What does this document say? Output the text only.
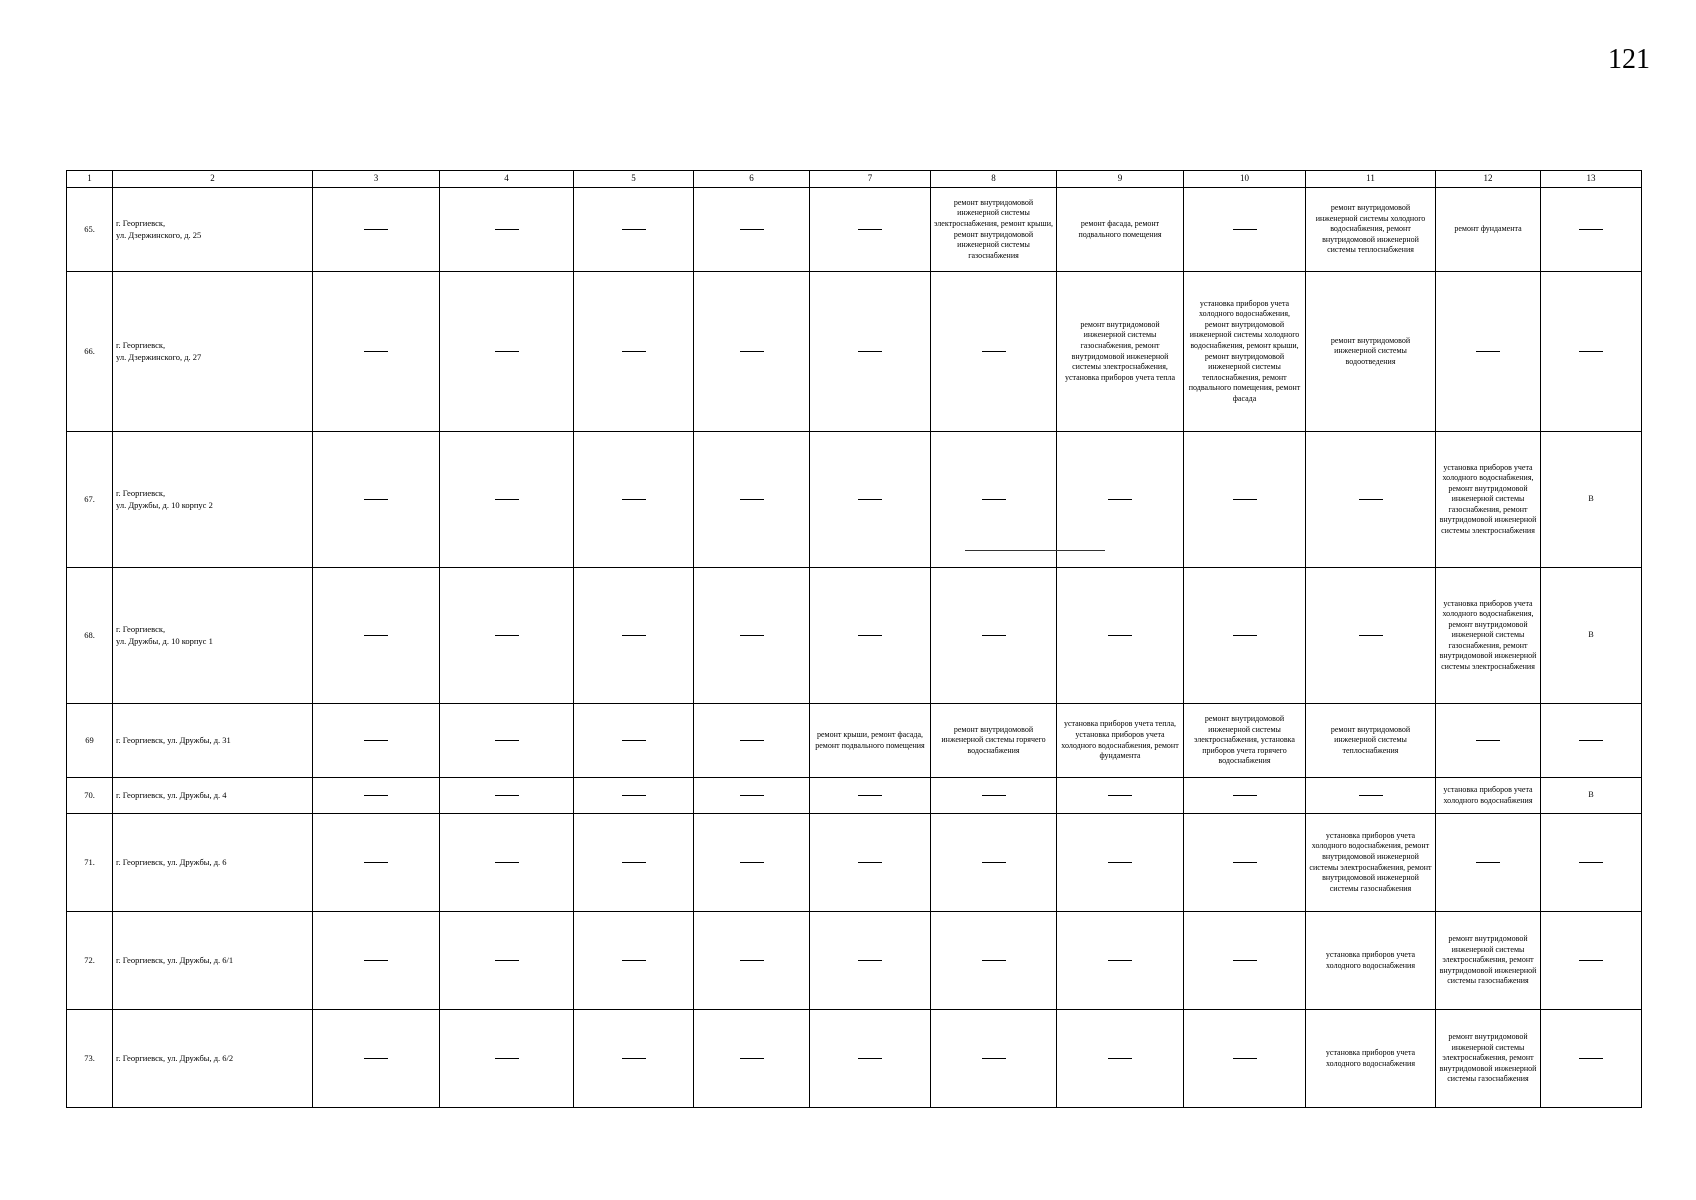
121
1	2	3	4	5	6	7	8	9	10	11	12	13
65.	г. Георгиевск,
ул. Дзержинского, д. 25						ремонт внутридомовой инженерной системы электроснабжения, ремонт крыши, ремонт внутридомовой инженерной системы газоснабжения	ремонт фасада, ремонт подвального помещения		ремонт внутридомовой инженерной системы холодного водоснабжения, ремонт внутридомовой инженерной системы теплоснабжения	ремонт фундамента	
66.	г. Георгиевск,
ул. Дзержинского, д. 27							ремонт внутридомовой инженерной системы газоснабжения, ремонт внутридомовой инженерной системы электроснабжения, установка приборов учета тепла	установка приборов учета холодного водоснабжения, ремонт внутридомовой инженерной системы холодного водоснабжения, ремонт крыши, ремонт внутридомовой инженерной системы теплоснабжения, ремонт подвального помещения, ремонт фасада	ремонт внутридомовой инженерной системы водоотведения		
67.	г. Георгиевск,
ул. Дружбы, д. 10 корпус 2										установка приборов учета холодного водоснабжения, ремонт внутридомовой инженерной системы газоснабжения, ремонт внутридомовой инженерной системы электроснабжения	В
68.	г. Георгиевск,
ул. Дружбы, д. 10 корпус 1										установка приборов учета холодного водоснабжения, ремонт внутридомовой инженерной системы газоснабжения, ремонт внутридомовой инженерной системы электроснабжения	В
69	г. Георгиевск, ул. Дружбы, д. 31					ремонт крыши, ремонт фасада, ремонт подвального помещения	ремонт внутридомовой инженерной системы горячего водоснабжения	установка приборов учета тепла, установка приборов учета холодного водоснабжения, ремонт фундамента	ремонт внутридомовой инженерной системы электроснабжения, установка приборов учета горячего водоснабжения	ремонт внутридомовой инженерной системы теплоснабжения		
70.	г. Георгиевск, ул. Дружбы, д. 4										установка приборов учета холодного водоснабжения	В
71.	г. Георгиевск, ул. Дружбы, д. 6									установка приборов учета холодного водоснабжения, ремонт внутридомовой инженерной системы электроснабжения, ремонт внутридомовой инженерной системы газоснабжения		
72.	г. Георгиевск, ул. Дружбы, д. 6/1									установка приборов учета холодного водоснабжения	ремонт внутридомовой инженерной системы электроснабжения, ремонт внутридомовой инженерной системы газоснабжения	
73.	г. Георгиевск, ул. Дружбы, д. 6/2									установка приборов учета холодного водоснабжения	ремонт внутридомовой инженерной системы электроснабжения, ремонт внутридомовой инженерной системы газоснабжения	
